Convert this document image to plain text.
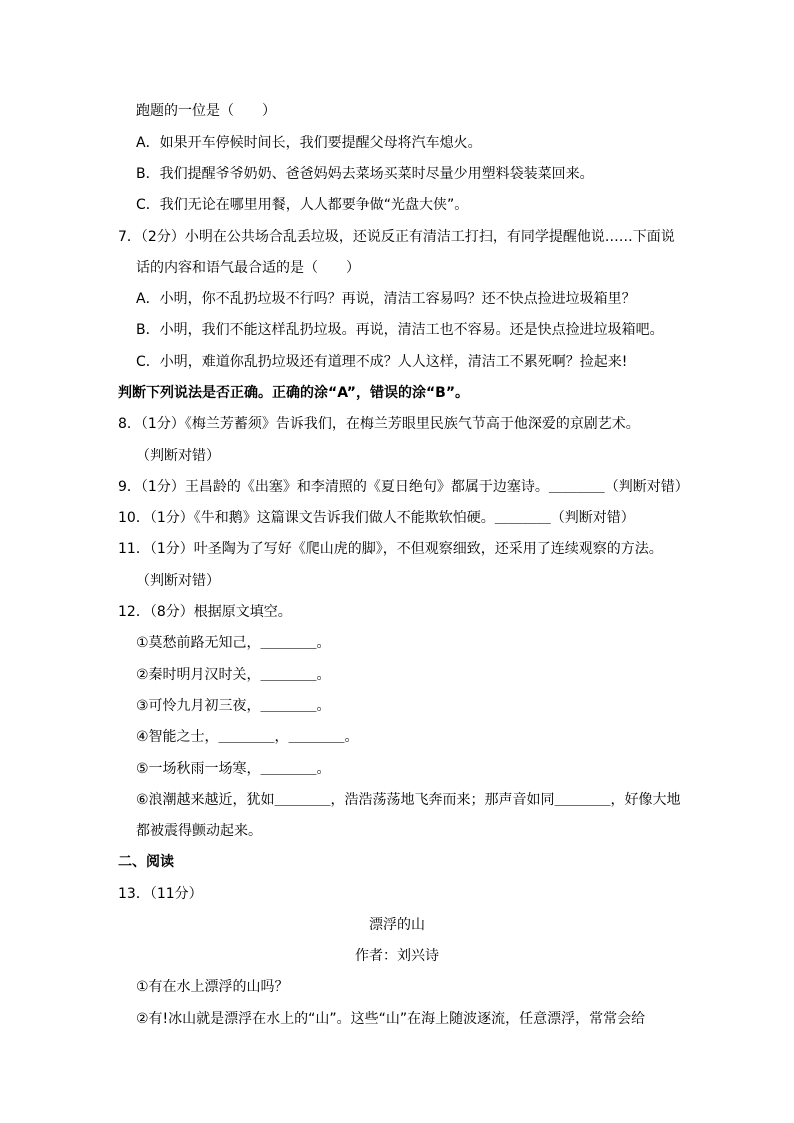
跑题的一位是（　　）
A．如果开车停候时间长，我们要提醒父母将汽车熄火。
B．我们提醒爷爷奶奶、爸爸妈妈去菜场买菜时尽量少用塑料袋装菜回来。
C．我们无论在哪里用餐，人人都要争做“光盘大侠”。
7．（2分）小明在公共场合乱丢垃圾，还说反正有清洁工打扫，有同学提醒他说……下面说
话的内容和语气最合适的是（　　）
A．小明，你不乱扔垃圾不行吗？再说，清洁工容易吗？还不快点捡进垃圾箱里？
B．小明，我们不能这样乱扔垃圾。再说，清洁工也不容易。还是快点捡进垃圾箱吧。
C．小明，难道你乱扔垃圾还有道理不成？人人这样，清洁工不累死啊？捡起来!
判断下列说法是否正确。正确的涂“A”，错误的涂“B”。
8．（1分）《梅兰芳蓄须》告诉我们，在梅兰芳眼里民族气节高于他深爱的京剧艺术。
（判断对错）
9．（1分）王昌龄的《出塞》和李清照的《夏日绝句》都属于边塞诗。＿＿＿＿（判断对错）
10．（1分）《牛和鹅》这篇课文告诉我们做人不能欺软怕硬。＿＿＿＿（判断对错）
11．（1分）叶圣陶为了写好《爬山虎的脚》，不但观察细致，还采用了连续观察的方法。
（判断对错）
12．（8分）根据原文填空。
①莫愁前路无知己，＿＿＿＿。
②秦时明月汉时关，＿＿＿＿。
③可怜九月初三夜，＿＿＿＿。
④智能之士，＿＿＿＿，＿＿＿＿。
⑤一场秋雨一场寒，＿＿＿＿。
⑥浪潮越来越近，犹如＿＿＿＿，浩浩荡荡地飞奔而来；那声音如同＿＿＿＿，好像大地
都被震得颤动起来。
二、阅读
13．（11分）
漂浮的山
作者：刘兴诗
①有在水上漂浮的山吗？
②有!冰山就是漂浮在水上的“山”。这些“山”在海上随波逐流，任意漂浮，常常会给
